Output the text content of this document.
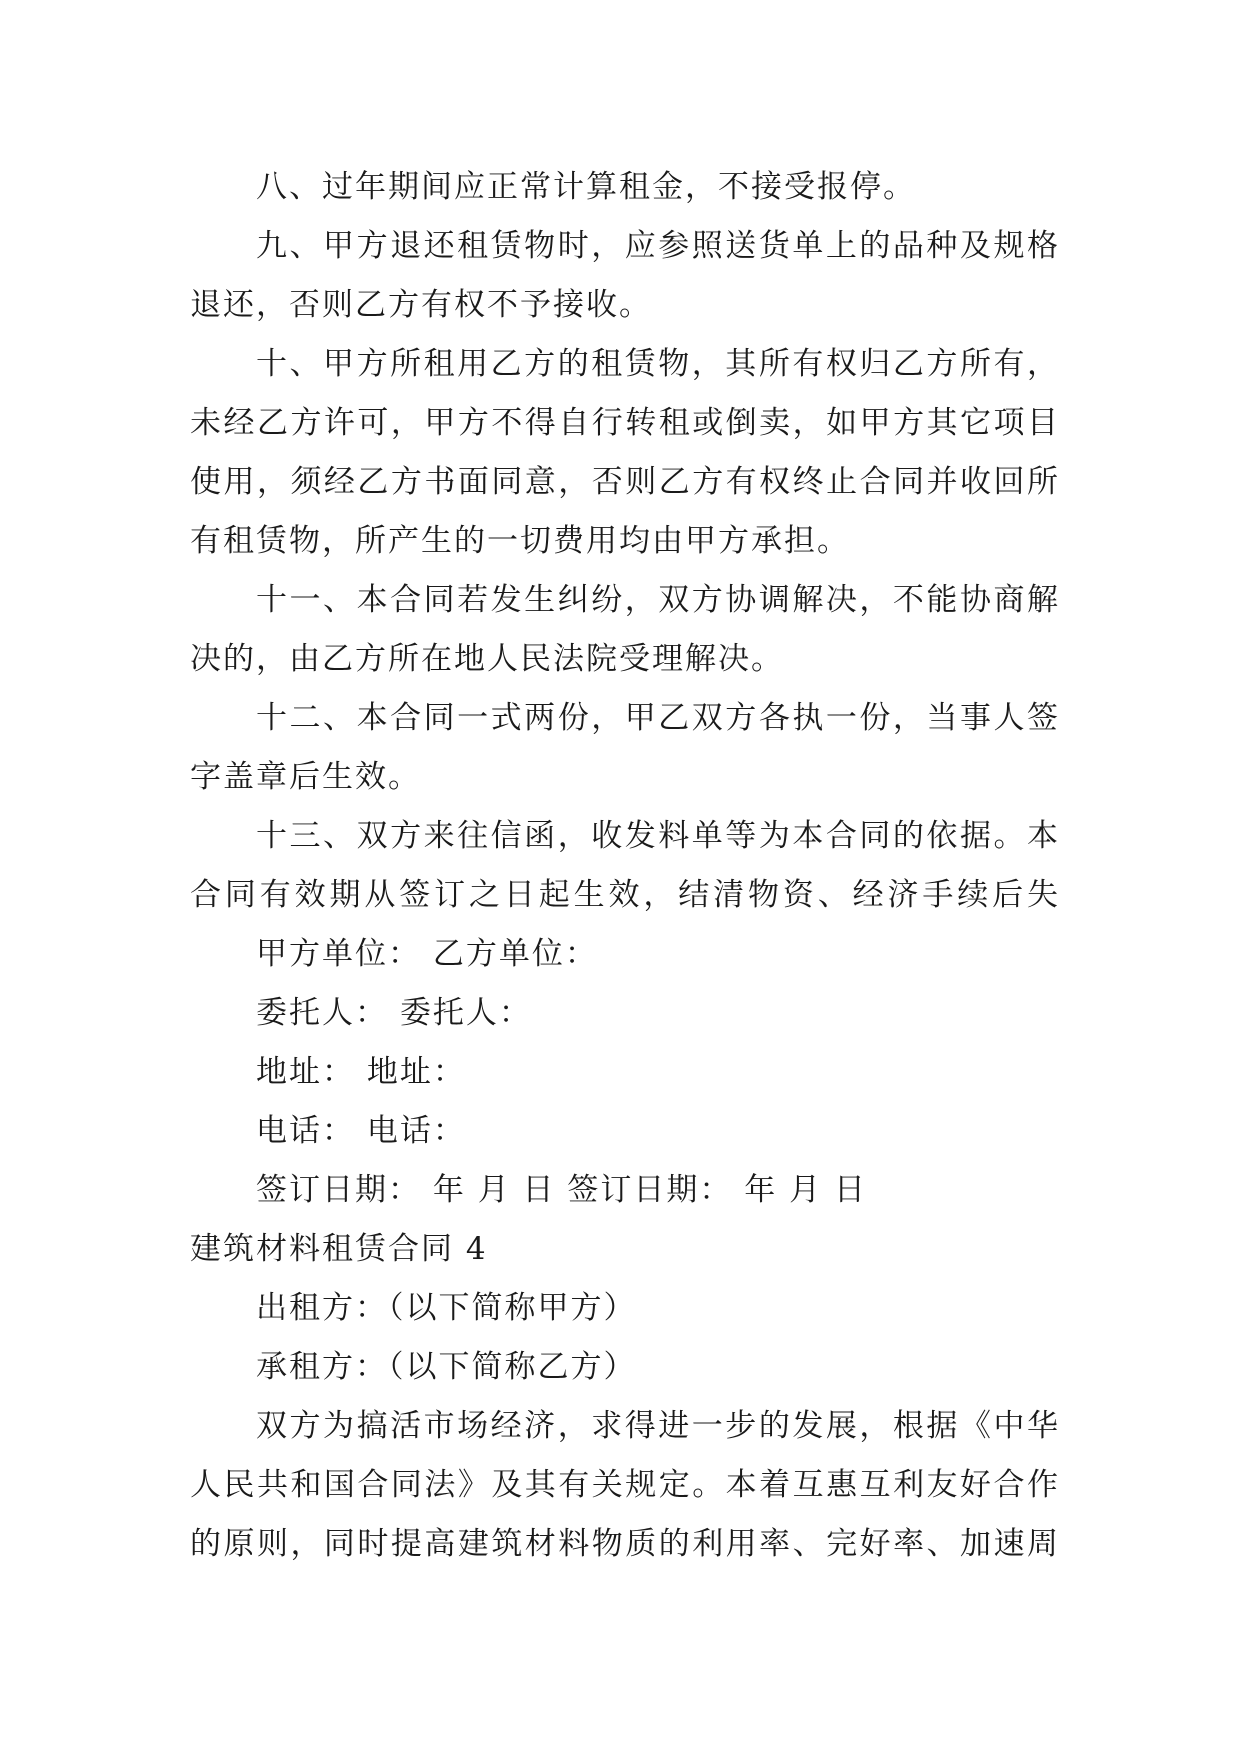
八、过年期间应正常计算租金，不接受报停。
九、甲方退还租赁物时，应参照送货单上的品种及规格
退还，否则乙方有权不予接收。
十、甲方所租用乙方的租赁物，其所有权归乙方所有，
未经乙方许可，甲方不得自行转租或倒卖，如甲方其它项目
使用，须经乙方书面同意，否则乙方有权终止合同并收回所
有租赁物，所产生的一切费用均由甲方承担。
十一、本合同若发生纠纷，双方协调解决，不能协商解
决的，由乙方所在地人民法院受理解决。
十二、本合同一式两份，甲乙双方各执一份，当事人签
字盖章后生效。
十三、双方来往信函，收发料单等为本合同的依据。本
合同有效期从签订之日起生效，结清物资、经济手续后失
甲方单位： 乙方单位：
委托人： 委托人：
地址： 地址：
电话： 电话：
签订日期： 年 月 日 签订日期： 年 月 日
建筑材料租赁合同 4
出租方：（以下简称甲方）
承租方：（以下简称乙方）
双方为搞活市场经济，求得进一步的发展，根据《中华
人民共和国合同法》及其有关规定。本着互惠互利友好合作
的原则，同时提高建筑材料物质的利用率、完好率、加速周
